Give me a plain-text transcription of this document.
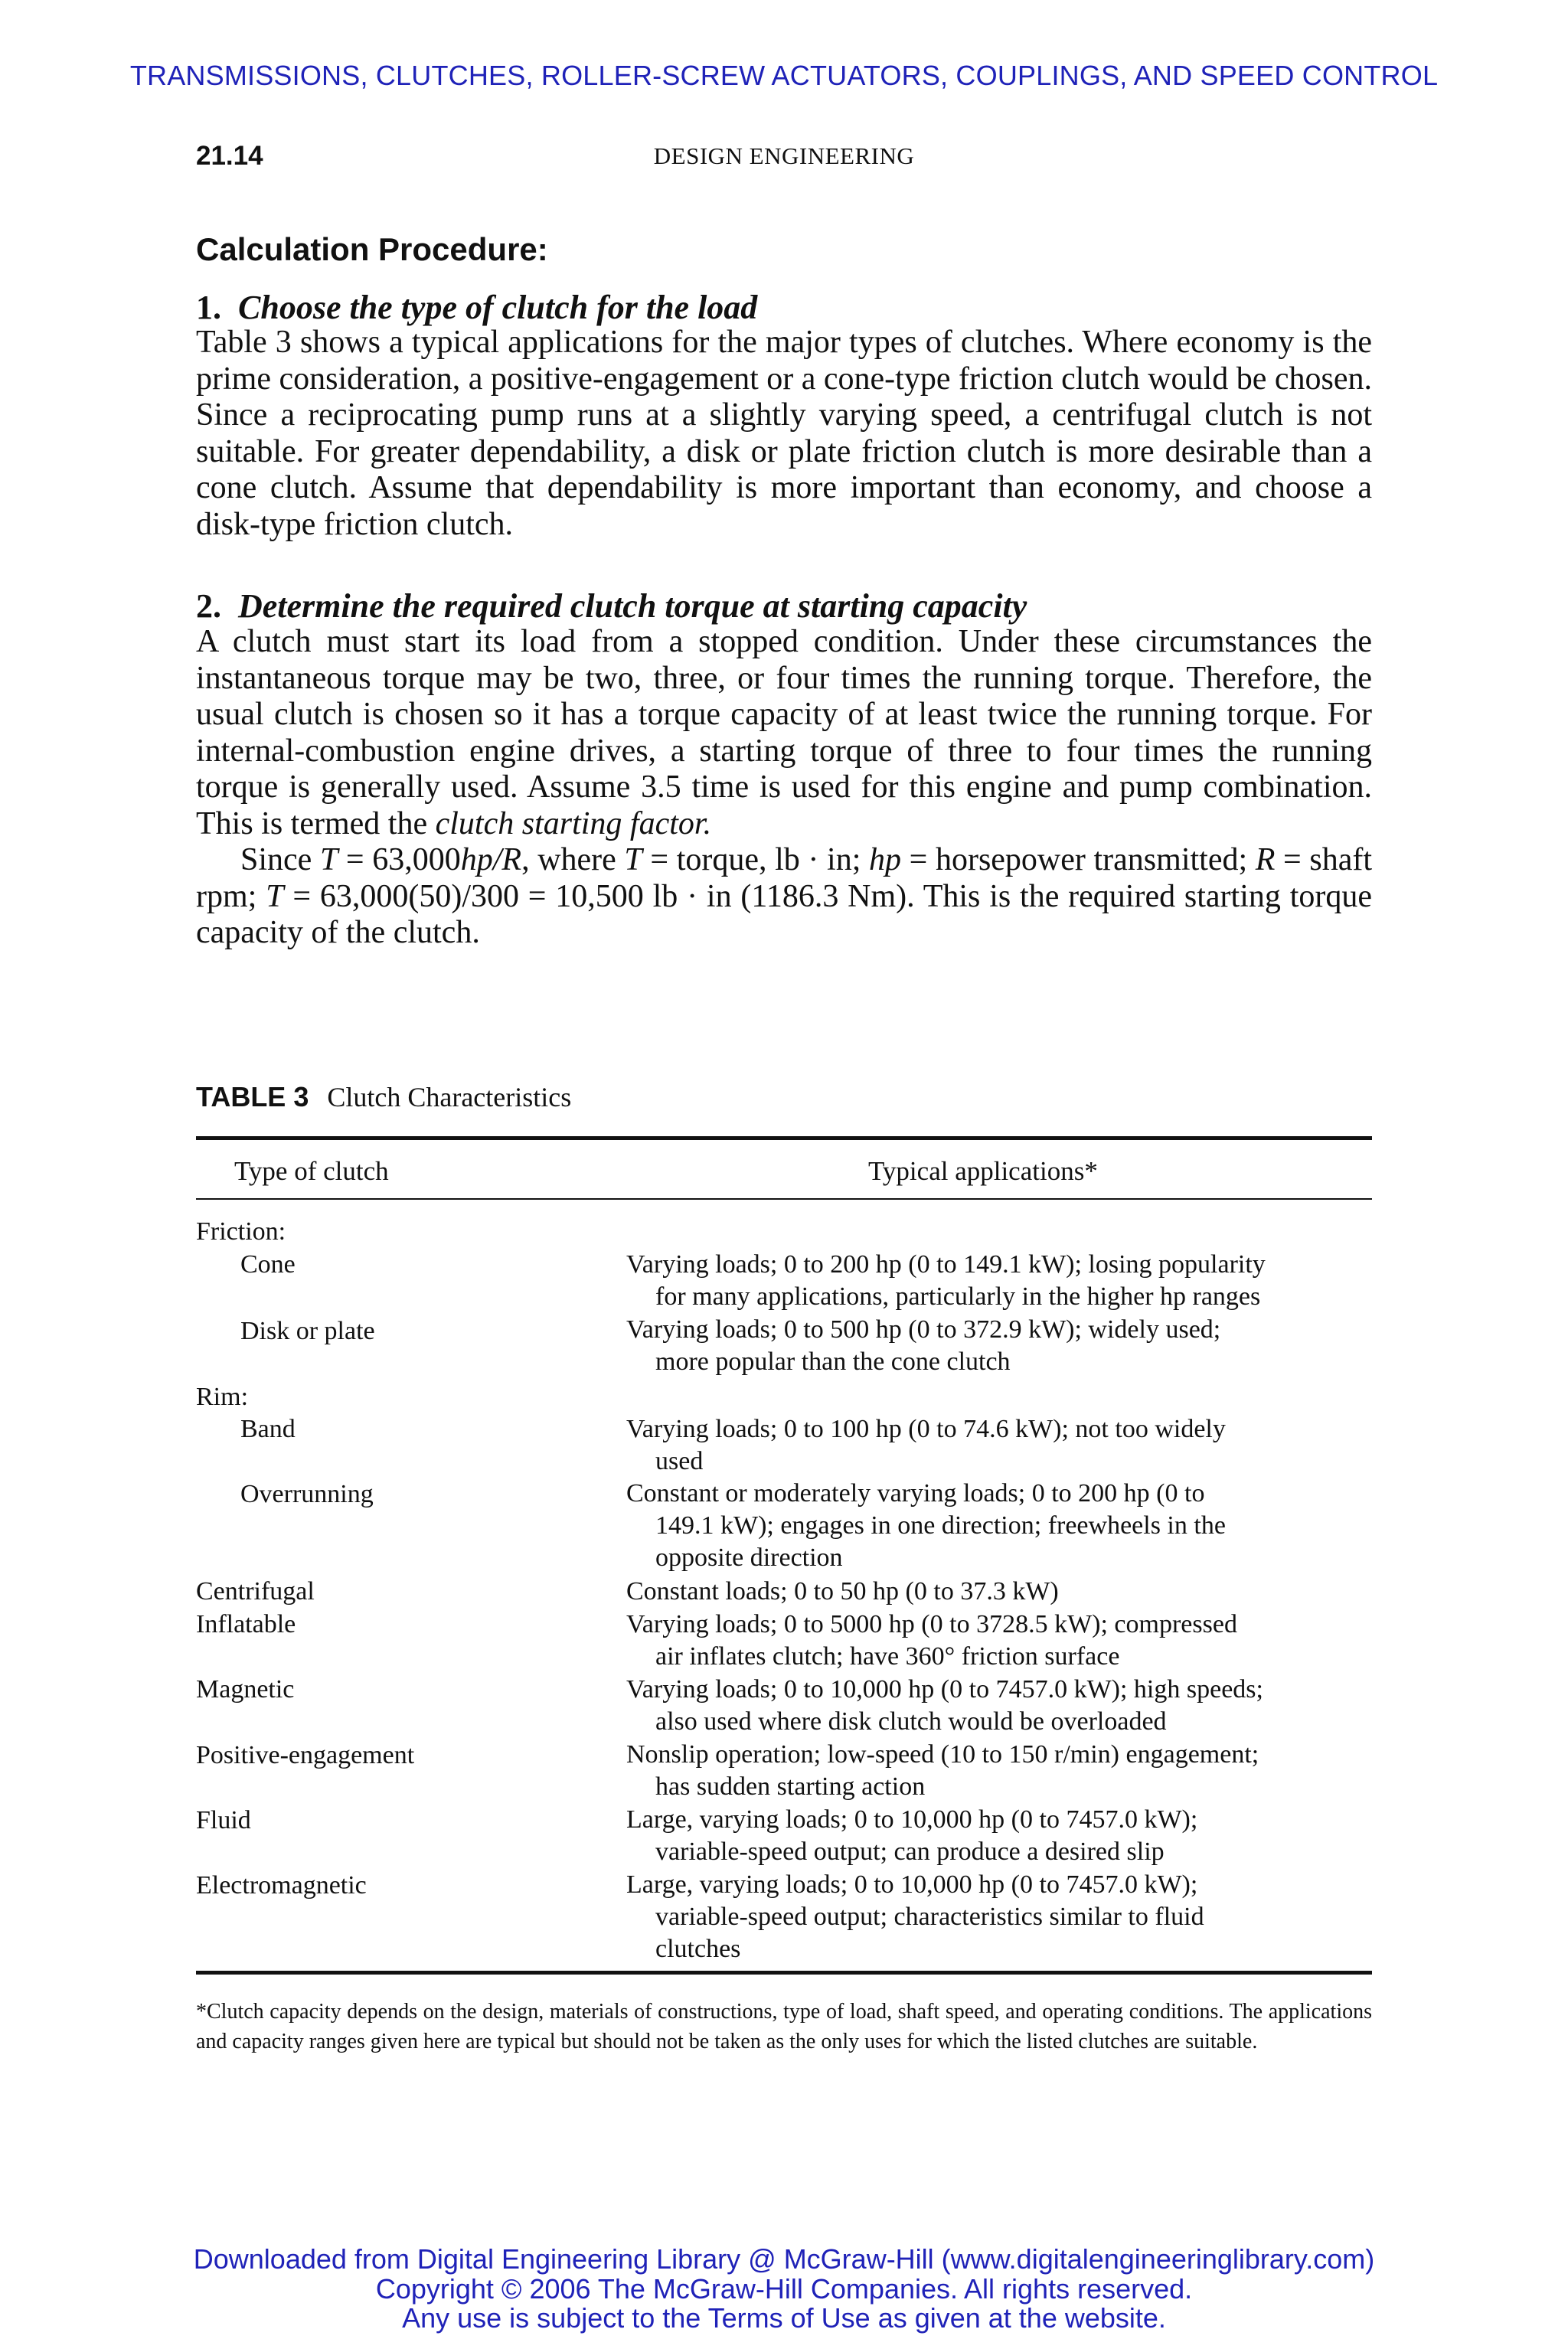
TRANSMISSIONS, CLUTCHES, ROLLER-SCREW ACTUATORS, COUPLINGS, AND SPEED CONTROL
21.14	DESIGN ENGINEERING
Calculation Procedure:
1. Choose the type of clutch for the load
Table 3 shows a typical applications for the major types of clutches. Where economy is the prime consideration, a positive-engagement or a cone-type friction clutch would be chosen. Since a reciprocating pump runs at a slightly varying speed, a centrifugal clutch is not suitable. For greater dependability, a disk or plate friction clutch is more desirable than a cone clutch. Assume that dependability is more important than economy, and choose a disk-type friction clutch.
2. Determine the required clutch torque at starting capacity
A clutch must start its load from a stopped condition. Under these circumstances the instantaneous torque may be two, three, or four times the running torque. Therefore, the usual clutch is chosen so it has a torque capacity of at least twice the running torque. For internal-combustion engine drives, a starting torque of three to four times the running torque is generally used. Assume 3.5 time is used for this engine and pump combination. This is termed the clutch starting factor.
Since T = 63,000hp/R, where T = torque, lb · in; hp = horsepower transmitted; R = shaft rpm; T = 63,000(50)/300 = 10,500 lb · in (1186.3 Nm). This is the required starting torque capacity of the clutch.
TABLE 3 Clutch Characteristics
Type of clutch	Typical applications*
Friction:
Cone	Varying loads; 0 to 200 hp (0 to 149.1 kW); losing popularity
for many applications, particularly in the higher hp ranges
Disk or plate	Varying loads; 0 to 500 hp (0 to 372.9 kW); widely used;
more popular than the cone clutch
Rim:
Band	Varying loads; 0 to 100 hp (0 to 74.6 kW); not too widely
used
Overrunning	Constant or moderately varying loads; 0 to 200 hp (0 to
149.1 kW); engages in one direction; freewheels in the
opposite direction
Centrifugal	Constant loads; 0 to 50 hp (0 to 37.3 kW)
Inflatable	Varying loads; 0 to 5000 hp (0 to 3728.5 kW); compressed
air inflates clutch; have 360° friction surface
Magnetic	Varying loads; 0 to 10,000 hp (0 to 7457.0 kW); high speeds;
also used where disk clutch would be overloaded
Positive-engagement	Nonslip operation; low-speed (10 to 150 r/min) engagement;
has sudden starting action
Fluid	Large, varying loads; 0 to 10,000 hp (0 to 7457.0 kW);
variable-speed output; can produce a desired slip
Electromagnetic	Large, varying loads; 0 to 10,000 hp (0 to 7457.0 kW);
variable-speed output; characteristics similar to fluid
clutches
*Clutch capacity depends on the design, materials of constructions, type of load, shaft speed, and operating conditions. The applications and capacity ranges given here are typical but should not be taken as the only uses for which the listed clutches are suitable.
Downloaded from Digital Engineering Library @ McGraw-Hill (www.digitalengineeringlibrary.com)
Copyright © 2006 The McGraw-Hill Companies. All rights reserved.
Any use is subject to the Terms of Use as given at the website.
